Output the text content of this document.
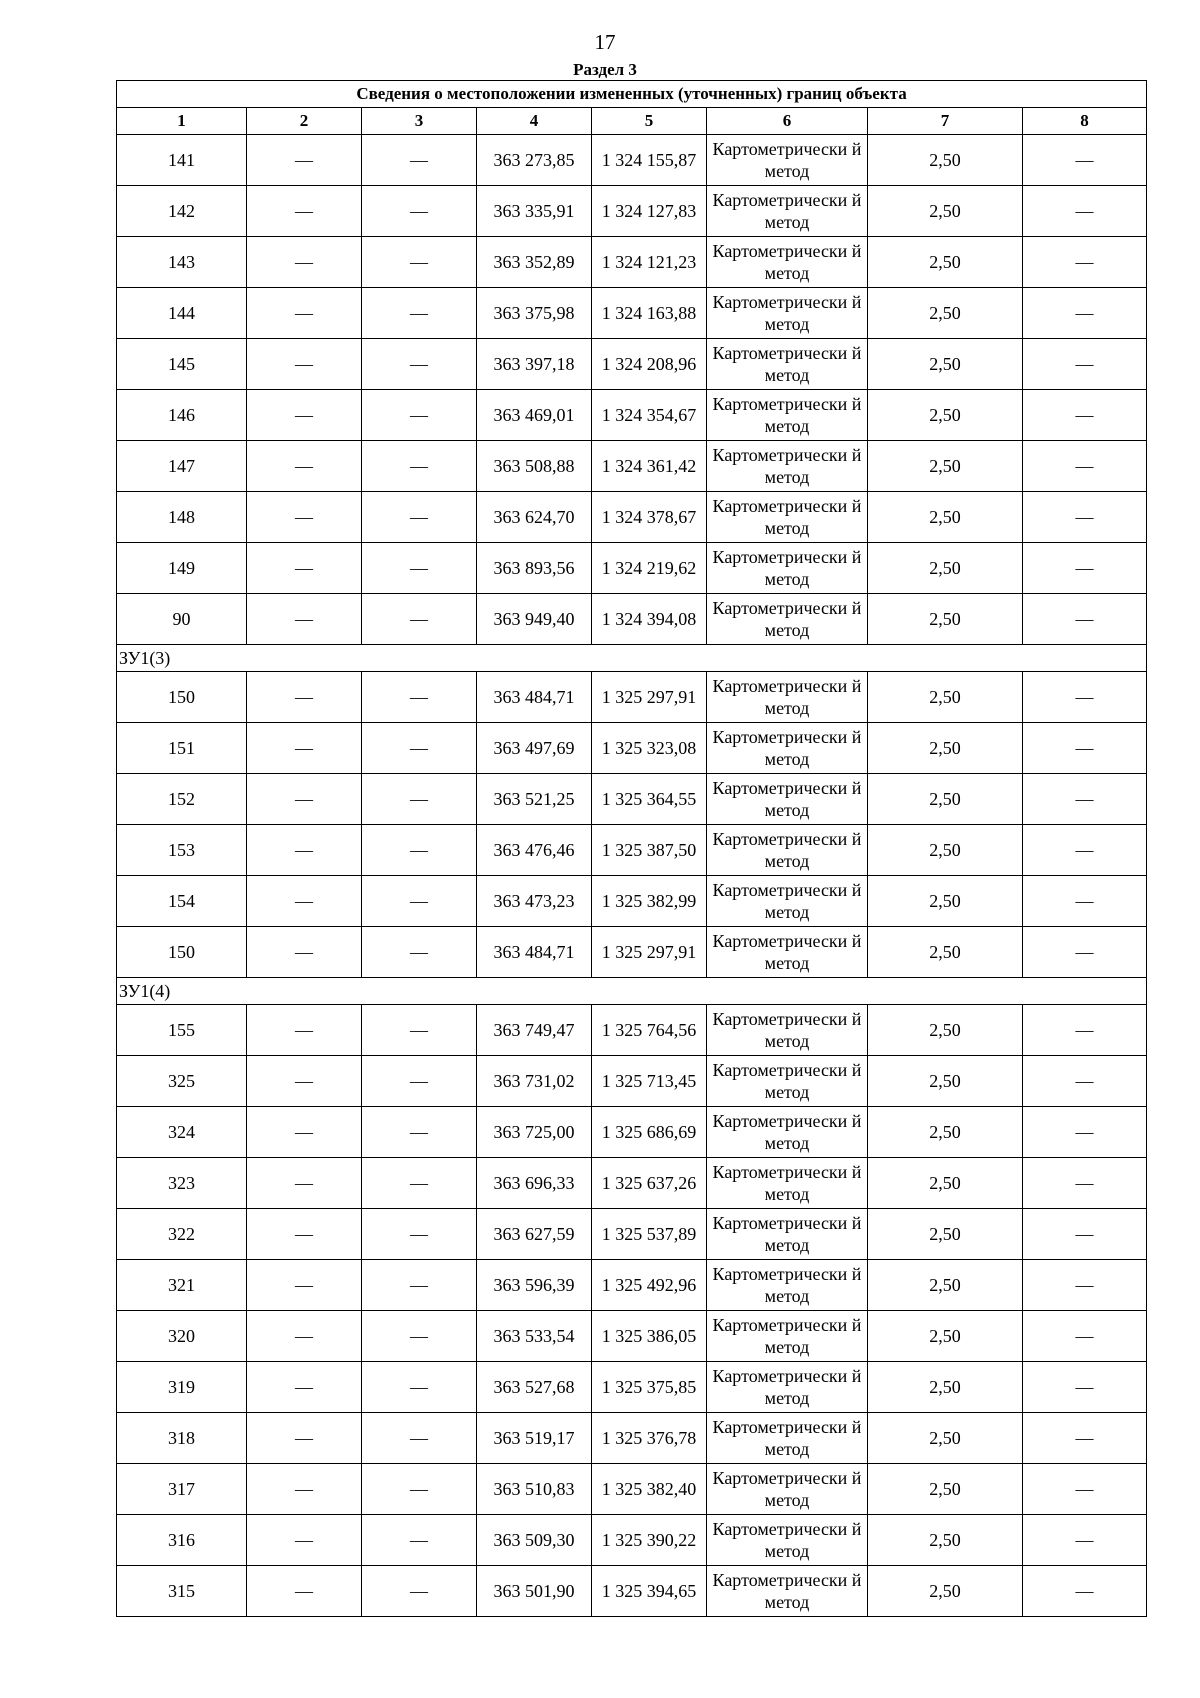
17
Раздел 3
Сведения о местоположении измененных (уточненных) границ объекта							
1	2	3	4	5	6	7	8
141	—	—	363 273,85	1 324 155,87	Картометрически й метод	2,50	—
142	—	—	363 335,91	1 324 127,83	Картометрически й метод	2,50	—
143	—	—	363 352,89	1 324 121,23	Картометрически й метод	2,50	—
144	—	—	363 375,98	1 324 163,88	Картометрически й метод	2,50	—
145	—	—	363 397,18	1 324 208,96	Картометрически й метод	2,50	—
146	—	—	363 469,01	1 324 354,67	Картометрически й метод	2,50	—
147	—	—	363 508,88	1 324 361,42	Картометрически й метод	2,50	—
148	—	—	363 624,70	1 324 378,67	Картометрически й метод	2,50	—
149	—	—	363 893,56	1 324 219,62	Картометрически й метод	2,50	—
90	—	—	363 949,40	1 324 394,08	Картометрически й метод	2,50	—
ЗУ1(3)							
150	—	—	363 484,71	1 325 297,91	Картометрически й метод	2,50	—
151	—	—	363 497,69	1 325 323,08	Картометрически й метод	2,50	—
152	—	—	363 521,25	1 325 364,55	Картометрически й метод	2,50	—
153	—	—	363 476,46	1 325 387,50	Картометрически й метод	2,50	—
154	—	—	363 473,23	1 325 382,99	Картометрически й метод	2,50	—
150	—	—	363 484,71	1 325 297,91	Картометрически й метод	2,50	—
ЗУ1(4)							
155	—	—	363 749,47	1 325 764,56	Картометрически й метод	2,50	—
325	—	—	363 731,02	1 325 713,45	Картометрически й метод	2,50	—
324	—	—	363 725,00	1 325 686,69	Картометрически й метод	2,50	—
323	—	—	363 696,33	1 325 637,26	Картометрически й метод	2,50	—
322	—	—	363 627,59	1 325 537,89	Картометрически й метод	2,50	—
321	—	—	363 596,39	1 325 492,96	Картометрически й метод	2,50	—
320	—	—	363 533,54	1 325 386,05	Картометрически й метод	2,50	—
319	—	—	363 527,68	1 325 375,85	Картометрически й метод	2,50	—
318	—	—	363 519,17	1 325 376,78	Картометрически й метод	2,50	—
317	—	—	363 510,83	1 325 382,40	Картометрически й метод	2,50	—
316	—	—	363 509,30	1 325 390,22	Картометрически й метод	2,50	—
315	—	—	363 501,90	1 325 394,65	Картометрически й метод	2,50	—
